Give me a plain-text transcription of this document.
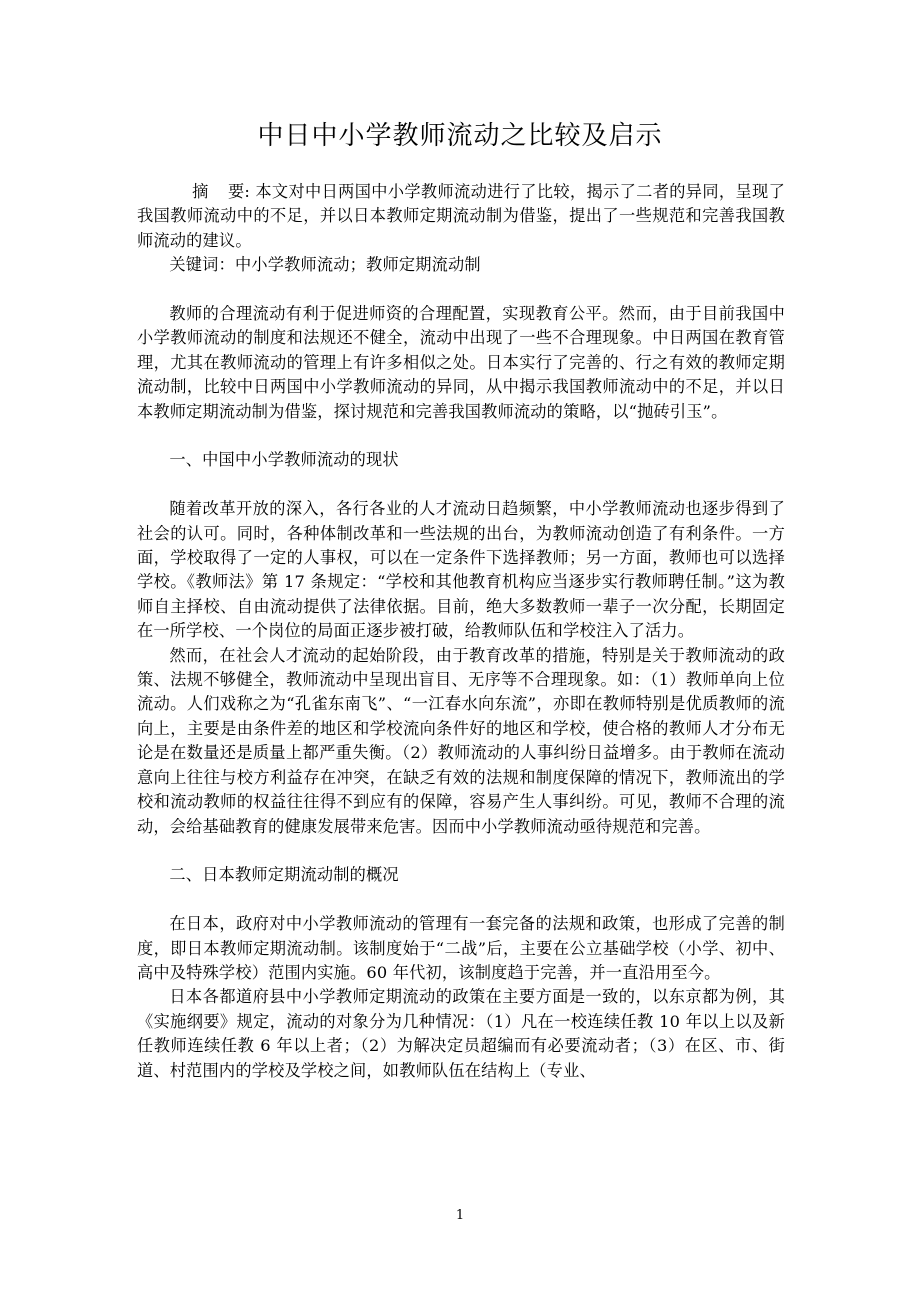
中日中小学教师流动之比较及启示

摘 要: 本文对中日两国中小学教师流动进行了比较，揭示了二者的异同，呈现了我国教师流动中的不足，并以日本教师定期流动制为借鉴，提出了一些规范和完善我国教师流动的建议。

关键词：中小学教师流动；教师定期流动制

教师的合理流动有利于促进师资的合理配置，实现教育公平。然而，由于目前我国中小学教师流动的制度和法规还不健全，流动中出现了一些不合理现象。中日两国在教育管理，尤其在教师流动的管理上有许多相似之处。日本实行了完善的、行之有效的教师定期流动制，比较中日两国中小学教师流动的异同，从中揭示我国教师流动中的不足，并以日本教师定期流动制为借鉴，探讨规范和完善我国教师流动的策略，以“抛砖引玉”。

一、中国中小学教师流动的现状

随着改革开放的深入，各行各业的人才流动日趋频繁，中小学教师流动也逐步得到了社会的认可。同时，各种体制改革和一些法规的出台，为教师流动创造了有利条件。一方面，学校取得了一定的人事权，可以在一定条件下选择教师；另一方面，教师也可以选择学校。《教师法》第 17 条规定：“学校和其他教育机构应当逐步实行教师聘任制。”这为教师自主择校、自由流动提供了法律依据。目前，绝大多数教师一辈子一次分配，长期固定在一所学校、一个岗位的局面正逐步被打破，给教师队伍和学校注入了活力。

然而，在社会人才流动的起始阶段，由于教育改革的措施，特别是关于教师流动的政策、法规不够健全，教师流动中呈现出盲目、无序等不合理现象。如：（1）教师单向上位流动。人们戏称之为“孔雀东南飞”、“一江春水向东流”，亦即在教师特别是优质教师的流向上，主要是由条件差的地区和学校流向条件好的地区和学校，使合格的教师人才分布无论是在数量还是质量上都严重失衡。（2）教师流动的人事纠纷日益增多。由于教师在流动意向上往往与校方利益存在冲突，在缺乏有效的法规和制度保障的情况下，教师流出的学校和流动教师的权益往往得不到应有的保障，容易产生人事纠纷。可见，教师不合理的流动，会给基础教育的健康发展带来危害。因而中小学教师流动亟待规范和完善。

二、日本教师定期流动制的概况

在日本，政府对中小学教师流动的管理有一套完备的法规和政策，也形成了完善的制度，即日本教师定期流动制。该制度始于“二战”后，主要在公立基础学校（小学、初中、高中及特殊学校）范围内实施。60 年代初，该制度趋于完善，并一直沿用至今。

日本各都道府县中小学教师定期流动的政策在主要方面是一致的，以东京都为例，其《实施纲要》规定，流动的对象分为几种情况：（1）凡在一校连续任教 10 年以上以及新任教师连续任教 6 年以上者；（2）为解决定员超编而有必要流动者；（3）在区、市、街道、村范围内的学校及学校之间，如教师队伍在结构上（专业、

1
